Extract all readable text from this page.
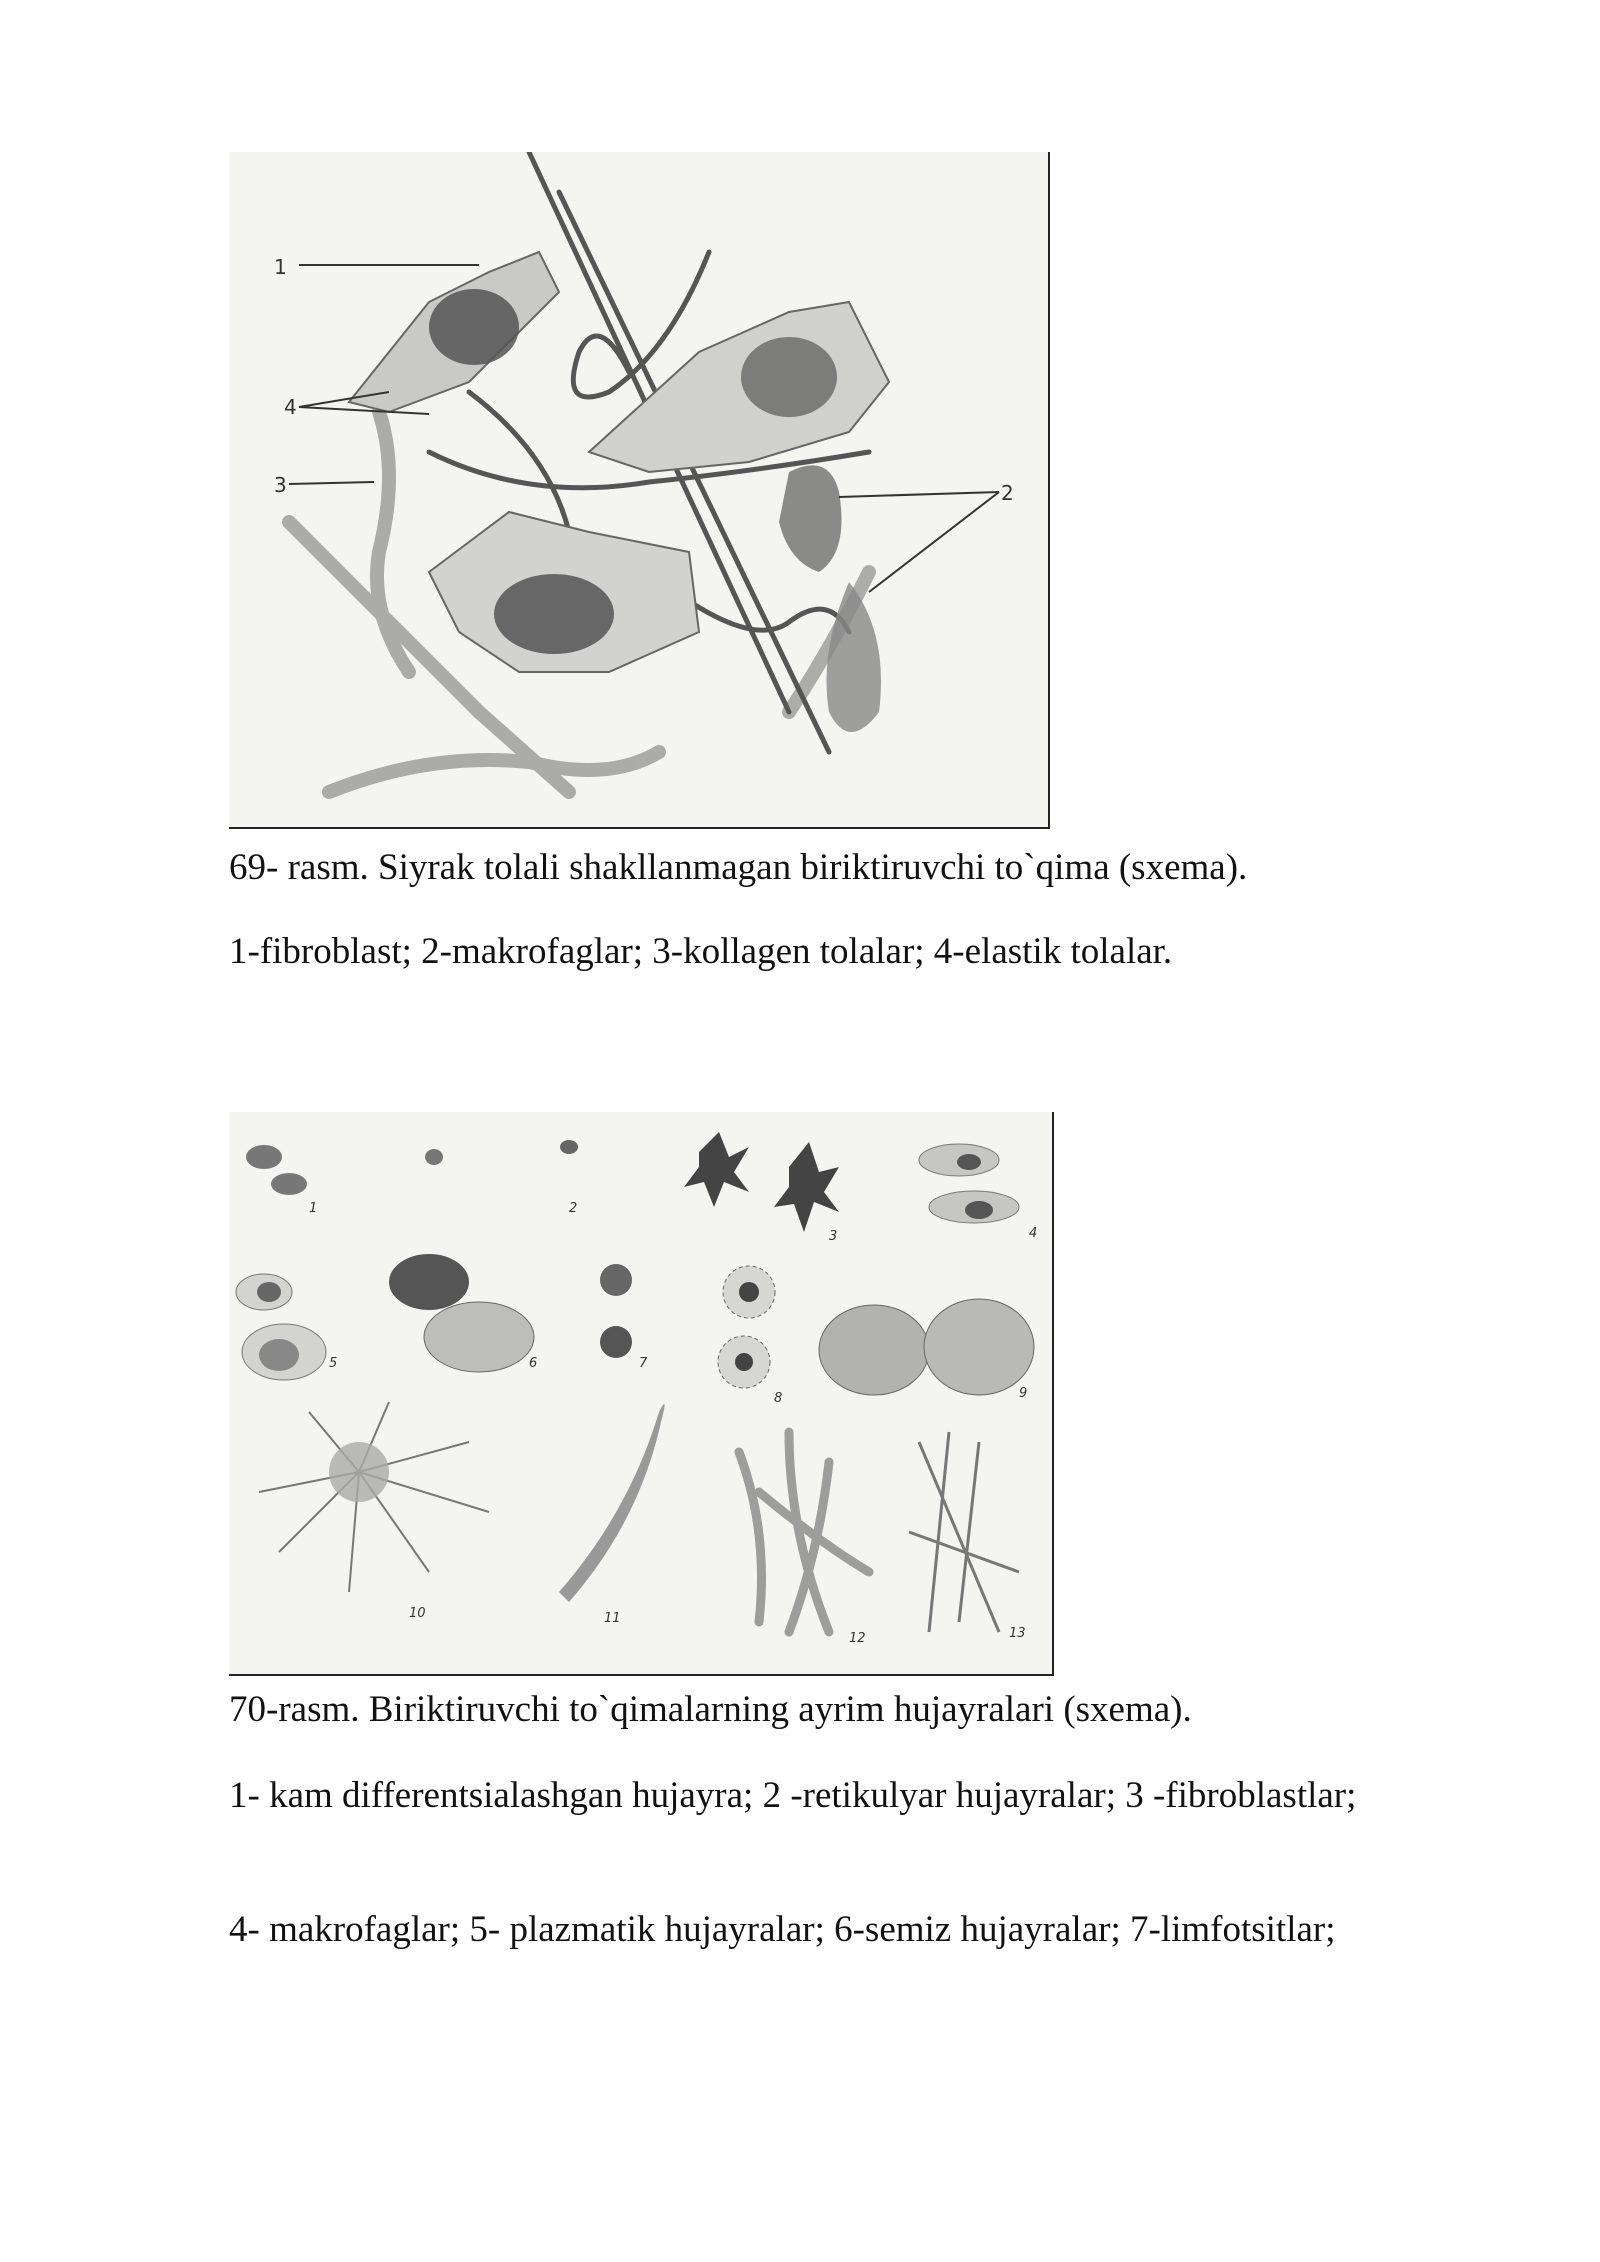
1
2
3
4

69- rasm. Siyrak tolali shakllanmagan biriktiruvchi to`qima (sxema).

1-fibroblast; 2-makrofaglar; 3-kollagen tolalar; 4-elastik tolalar.

1	2
3	4
5	6	7
8	9
10	11
12	13

70-rasm. Biriktiruvchi to`qimalarning ayrim hujayralari (sxema).

1- kam differentsialashgan hujayra; 2 -retikulyar hujayralar; 3 -fibroblastlar;

4- makrofaglar; 5- plazmatik hujayralar; 6-semiz hujayralar; 7-limfotsitlar;
